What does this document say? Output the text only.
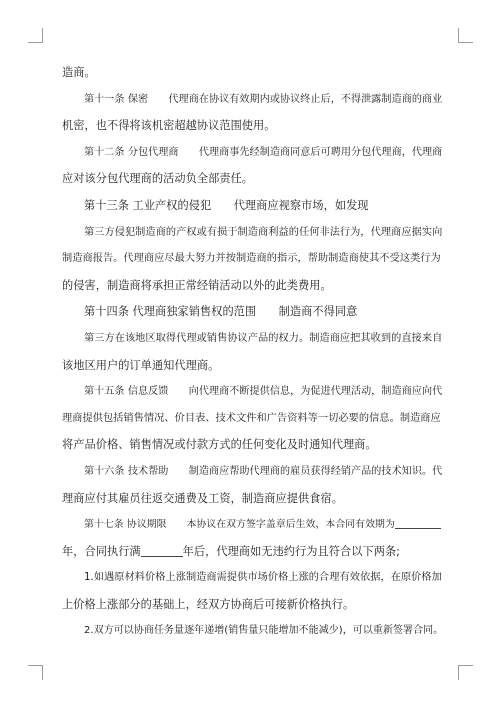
造商。

第十一条 保密　　代理商在协议有效期内或协议终止后，不得泄露制造商的商业

机密，也不得将该机密超越协议范围使用。

第十二条 分包代理商　　代理商事先经制造商同意后可聘用分包代理商，代理商

应对该分包代理商的活动负全部责任。

第十三条 工业产权的侵犯　　代理商应视察市场，如发现

第三方侵犯制造商的产权或有损于制造商利益的任何非法行为，代理商应据实向

制造商报告。代理商应尽最大努力并按制造商的指示，帮助制造商使其不受这类行为

的侵害，制造商将承担正常经销活动以外的此类费用。

第十四条 代理商独家销售权的范围　　制造商不得同意

第三方在该地区取得代理或销售协议产品的权力。制造商应把其收到的直接来自

该地区用户的订单通知代理商。

第十五条 信息反馈　　向代理商不断提供信息，为促进代理活动，制造商应向代

理商提供包括销售情况、价目表、技术文件和广告资料等一切必要的信息。制造商应

将产品价格、销售情况或付款方式的任何变化及时通知代理商。

第十六条 技术帮助　　制造商应帮助代理商的雇员获得经销产品的技术知识。代

理商应付其雇员往返交通费及工资，制造商应提供食宿。

第十七条 协议期限　　本协议在双方签字盖章后生效，本合同有效期为

年，合同执行满	年后，代理商如无违约行为且符合以下两条;

1.如遇原材料价格上涨制造商需提供市场价格上涨的合理有效依据，在原价格加

上价格上涨部分的基础上，经双方协商后可接新价格执行。

2.双方可以协商任务量逐年递增(销售量只能增加不能减少)，可以重新签署合同。
